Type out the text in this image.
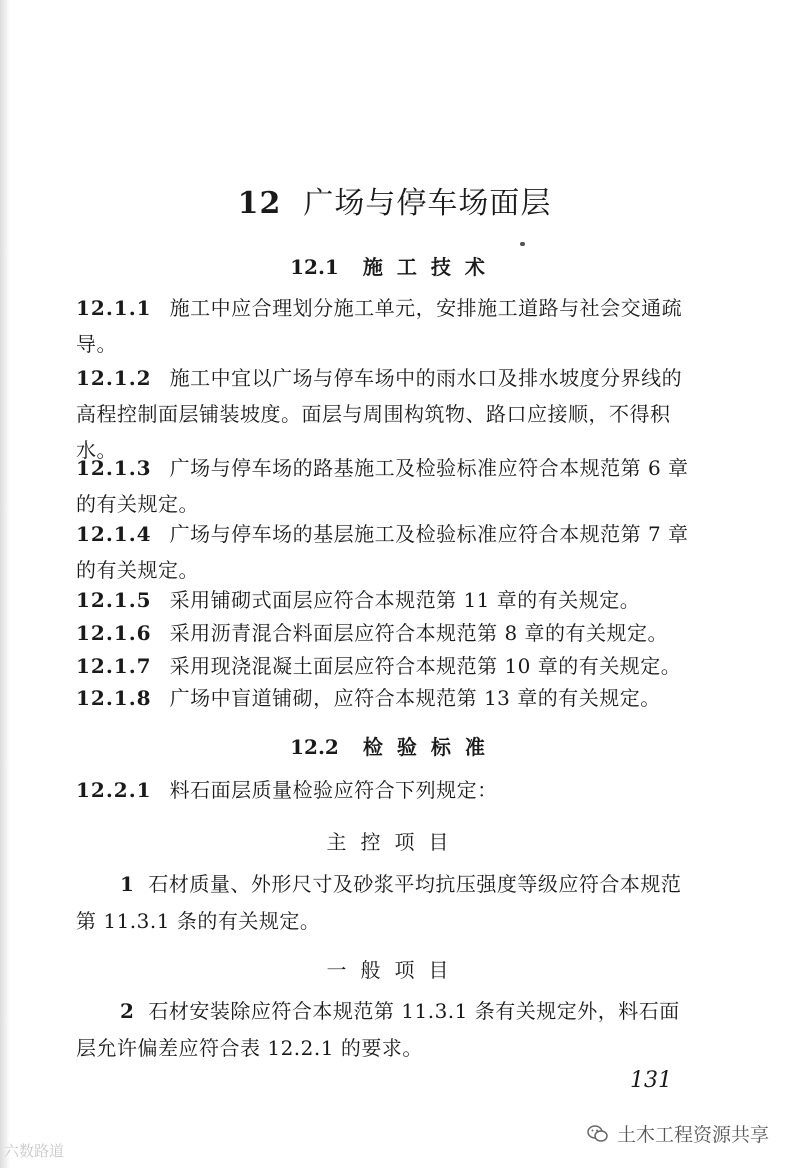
12 广场与停车场面层
12.1 施工技术
12.1.1 施工中应合理划分施工单元，安排施工道路与社会交通疏导。
12.1.2 施工中宜以广场与停车场中的雨水口及排水坡度分界线的高程控制面层铺装坡度。面层与周围构筑物、路口应接顺，不得积水。
12.1.3 广场与停车场的路基施工及检验标准应符合本规范第 6 章的有关规定。
12.1.4 广场与停车场的基层施工及检验标准应符合本规范第 7 章的有关规定。
12.1.5 采用铺砌式面层应符合本规范第 11 章的有关规定。
12.1.6 采用沥青混合料面层应符合本规范第 8 章的有关规定。
12.1.7 采用现浇混凝土面层应符合本规范第 10 章的有关规定。
12.1.8 广场中盲道铺砌，应符合本规范第 13 章的有关规定。
12.2 检验标准
12.2.1 料石面层质量检验应符合下列规定：
主控项目
1 石材质量、外形尺寸及砂浆平均抗压强度等级应符合本规范第 11.3.1 条的有关规定。
一般项目
2 石材安装除应符合本规范第 11.3.1 条有关规定外，料石面层允许偏差应符合表 12.2.1 的要求。
131
六数路道
土木工程资源共享
